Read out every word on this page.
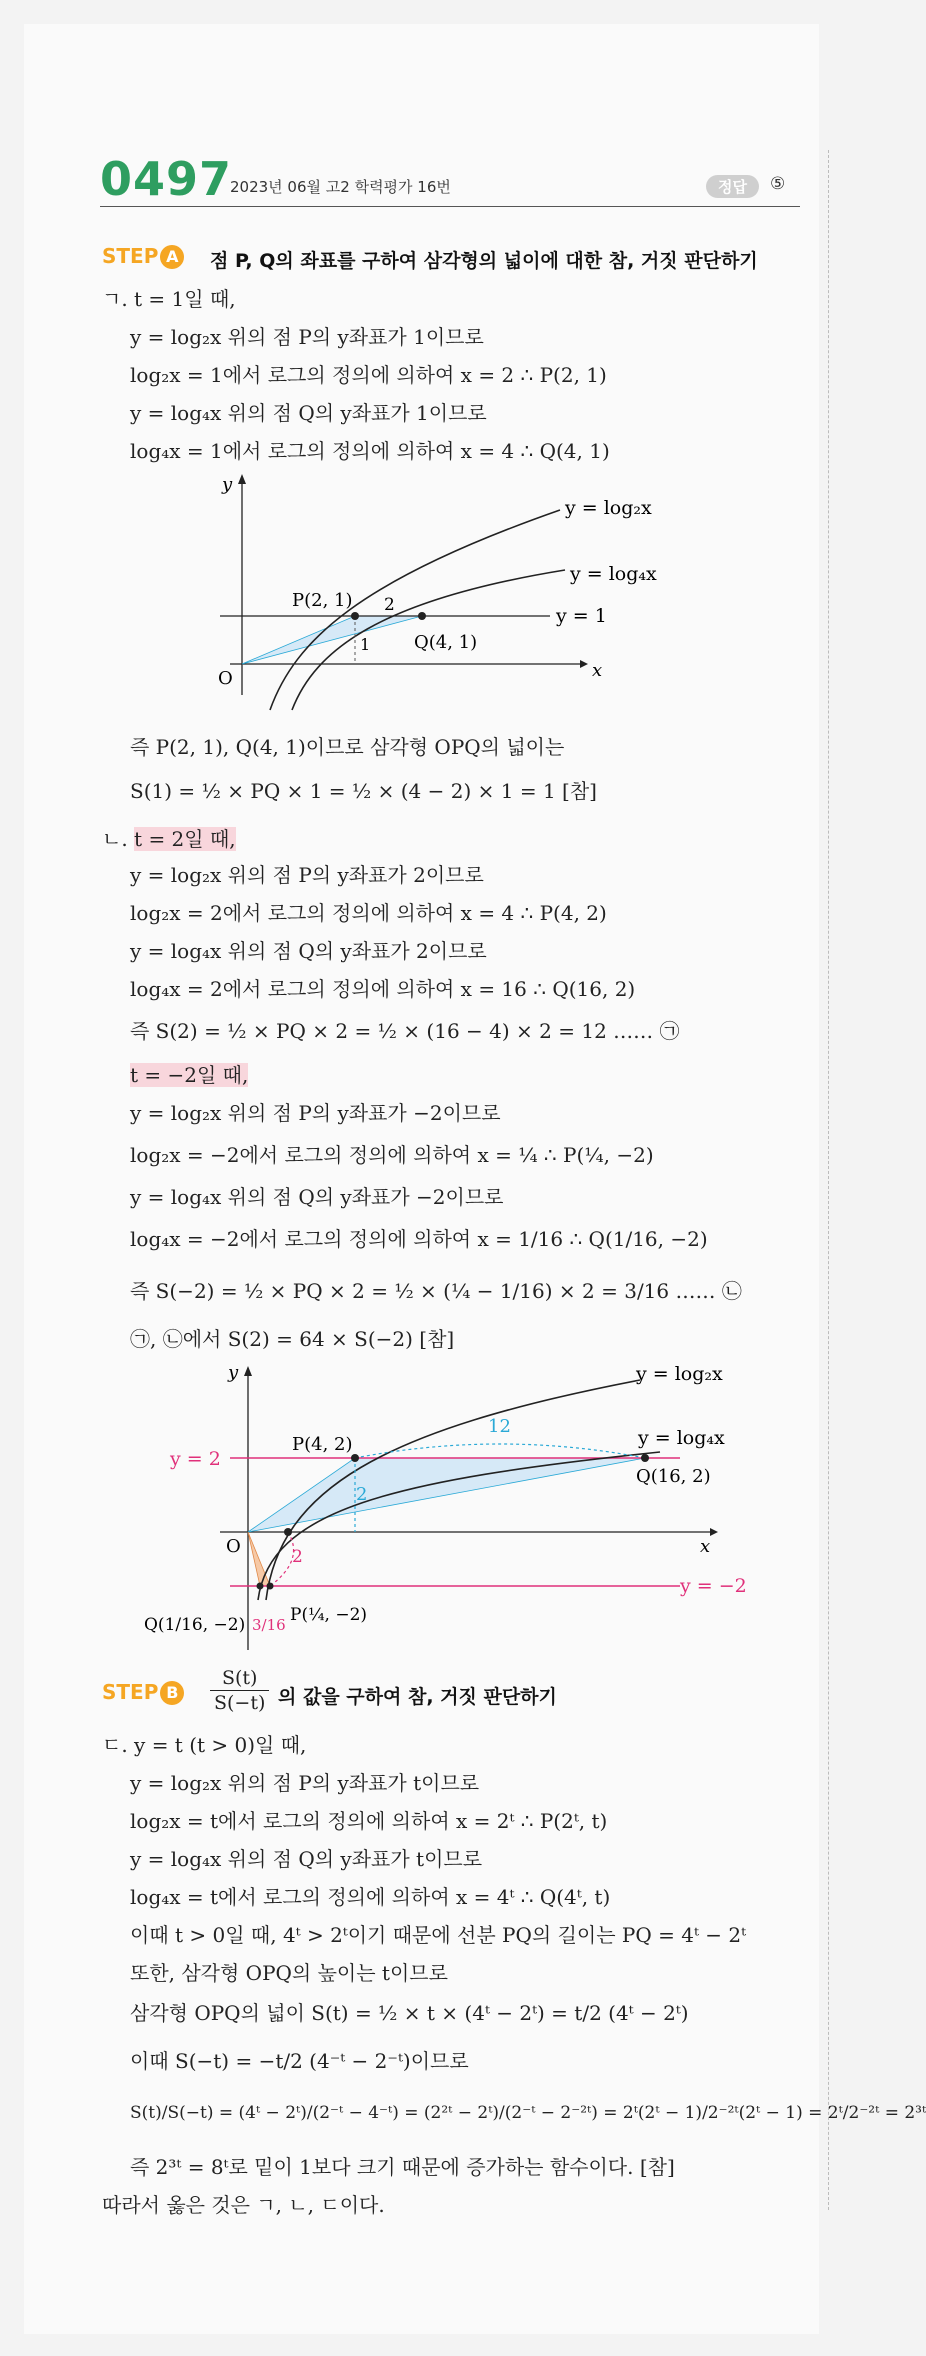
0497
2023년 06월 고2 학력평가 16번	정답	⑤
STEP A	점 P, Q의 좌표를 구하여 삼각형의 넓이에 대한 참, 거짓 판단하기
ㄱ. t = 1일 때,
y = log₂x 위의 점 P의 y좌표가 1이므로
log₂x = 1에서 로그의 정의에 의하여 x = 2 ∴ P(2, 1)
y = log₄x 위의 점 Q의 y좌표가 1이므로
log₄x = 1에서 로그의 정의에 의하여 x = 4 ∴ Q(4, 1)
y
x
O
y = log₂x
y = log₄x
y = 1
P(2, 1)
Q(4, 1)
2
1
즉 P(2, 1), Q(4, 1)이므로 삼각형 OPQ의 넓이는
S(1) = ½ × PQ × 1 = ½ × (4 − 2) × 1 = 1 [참]
ㄴ. t = 2일 때,
y = log₂x 위의 점 P의 y좌표가 2이므로
log₂x = 2에서 로그의 정의에 의하여 x = 4 ∴ P(4, 2)
y = log₄x 위의 점 Q의 y좌표가 2이므로
log₄x = 2에서 로그의 정의에 의하여 x = 16 ∴ Q(16, 2)
즉 S(2) = ½ × PQ × 2 = ½ × (16 − 4) × 2 = 12 …… ㉠
t = −2일 때,
y = log₂x 위의 점 P의 y좌표가 −2이므로
log₂x = −2에서 로그의 정의에 의하여 x = ¼ ∴ P(¼, −2)
y = log₄x 위의 점 Q의 y좌표가 −2이므로
log₄x = −2에서 로그의 정의에 의하여 x = 1/16 ∴ Q(1/16, −2)
즉 S(−2) = ½ × PQ × 2 = ½ × (¼ − 1/16) × 2 = 3/16 …… ㉡
㉠, ㉡에서 S(2) = 64 × S(−2) [참]
y
x
O
y = log₂x
y = log₄x
y = 2
y = −2
P(4, 2)
Q(16, 2)
12
2
2
P(¼, −2)
Q(1/16, −2) 3/16
STEP B	$\frac{S(t)}{S(-t)}$ 의 값을 구하여 참, 거짓 판단하기
ㄷ. y = t (t > 0)일 때,
y = log₂x 위의 점 P의 y좌표가 t이므로
log₂x = t에서 로그의 정의에 의하여 x = 2ᵗ ∴ P(2ᵗ, t)
y = log₄x 위의 점 Q의 y좌표가 t이므로
log₄x = t에서 로그의 정의에 의하여 x = 4ᵗ ∴ Q(4ᵗ, t)
이때 t > 0일 때, 4ᵗ > 2ᵗ이기 때문에 선분 PQ의 길이는 PQ = 4ᵗ − 2ᵗ
또한, 삼각형 OPQ의 높이는 t이므로
삼각형 OPQ의 넓이 S(t) = ½ × t × (4ᵗ − 2ᵗ) = t/2 (4ᵗ − 2ᵗ)
이때 S(−t) = −t/2 (4⁻ᵗ − 2⁻ᵗ)이므로
S(t)/S(−t) = (4ᵗ − 2ᵗ)/(2⁻ᵗ − 4⁻ᵗ) = (2²ᵗ − 2ᵗ)/(2⁻ᵗ − 2⁻²ᵗ) = 2ᵗ(2ᵗ − 1)/2⁻²ᵗ(2ᵗ − 1) = 2ᵗ/2⁻²ᵗ = 2³ᵗ
즉 2³ᵗ = 8ᵗ로 밑이 1보다 크기 때문에 증가하는 함수이다. [참]
따라서 옳은 것은 ㄱ, ㄴ, ㄷ이다.
